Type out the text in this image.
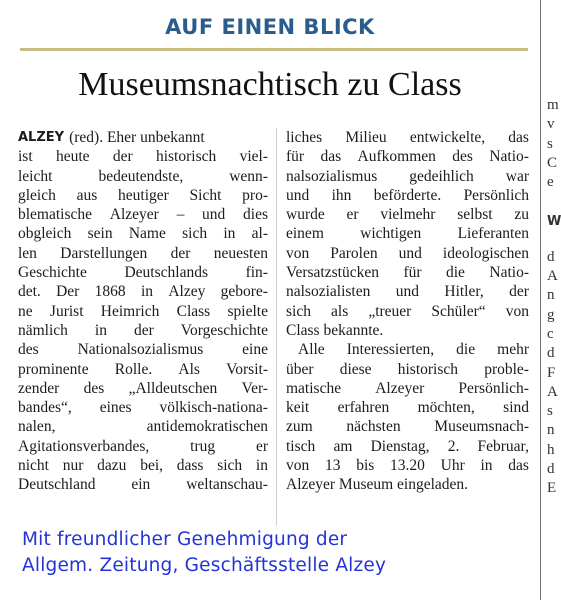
AUF EINEN BLICK
Museumsnachtisch zu Class
ALZEY (red). Eher unbekannt
ist heute der historisch viel-
leicht	bedeutendste,	wenn-
gleich aus heutiger Sicht pro-
blematische Alzeyer – und dies
obgleich sein Name sich in al-
len Darstellungen der neuesten
Geschichte Deutschlands fin-
det. Der 1868 in Alzey gebore-
ne Jurist Heimrich Class spielte
nämlich in der Vorgeschichte
des	Nationalsozialismus	eine
prominente Rolle. Als Vorsit-
zender des „Alldeutschen Ver-
bandes“, eines völkisch-nationa-
nalen,	antidemokratischen
Agitationsverbandes,	trug	er
nicht nur dazu bei, dass sich in
Deutschland ein weltanschau-
liches Milieu entwickelte, das
für das Aufkommen des Natio-
nalsozialismus gedeihlich war
und ihn beförderte. Persönlich
wurde er vielmehr selbst zu
einem wichtigen Lieferanten
von Parolen und ideologischen
Versatzstücken für die Natio-
nalsozialisten und Hitler, der
sich als „treuer Schüler“ von
Class bekannte.
Alle Interessierten, die mehr
über diese historisch proble-
matische Alzeyer Persönlich-
keit erfahren möchten, sind
zum nächsten Museumsnach-
tisch am Dienstag, 2. Februar,
von 13 bis 13.20 Uhr in das
Alzeyer Museum eingeladen.
Mit freundlicher Genehmigung der
Allgem. Zeitung, Geschäftsstelle Alzey
m
v
s
C
e
W
d
A
n
g
c
d
F
A
s
n
h
d
E
